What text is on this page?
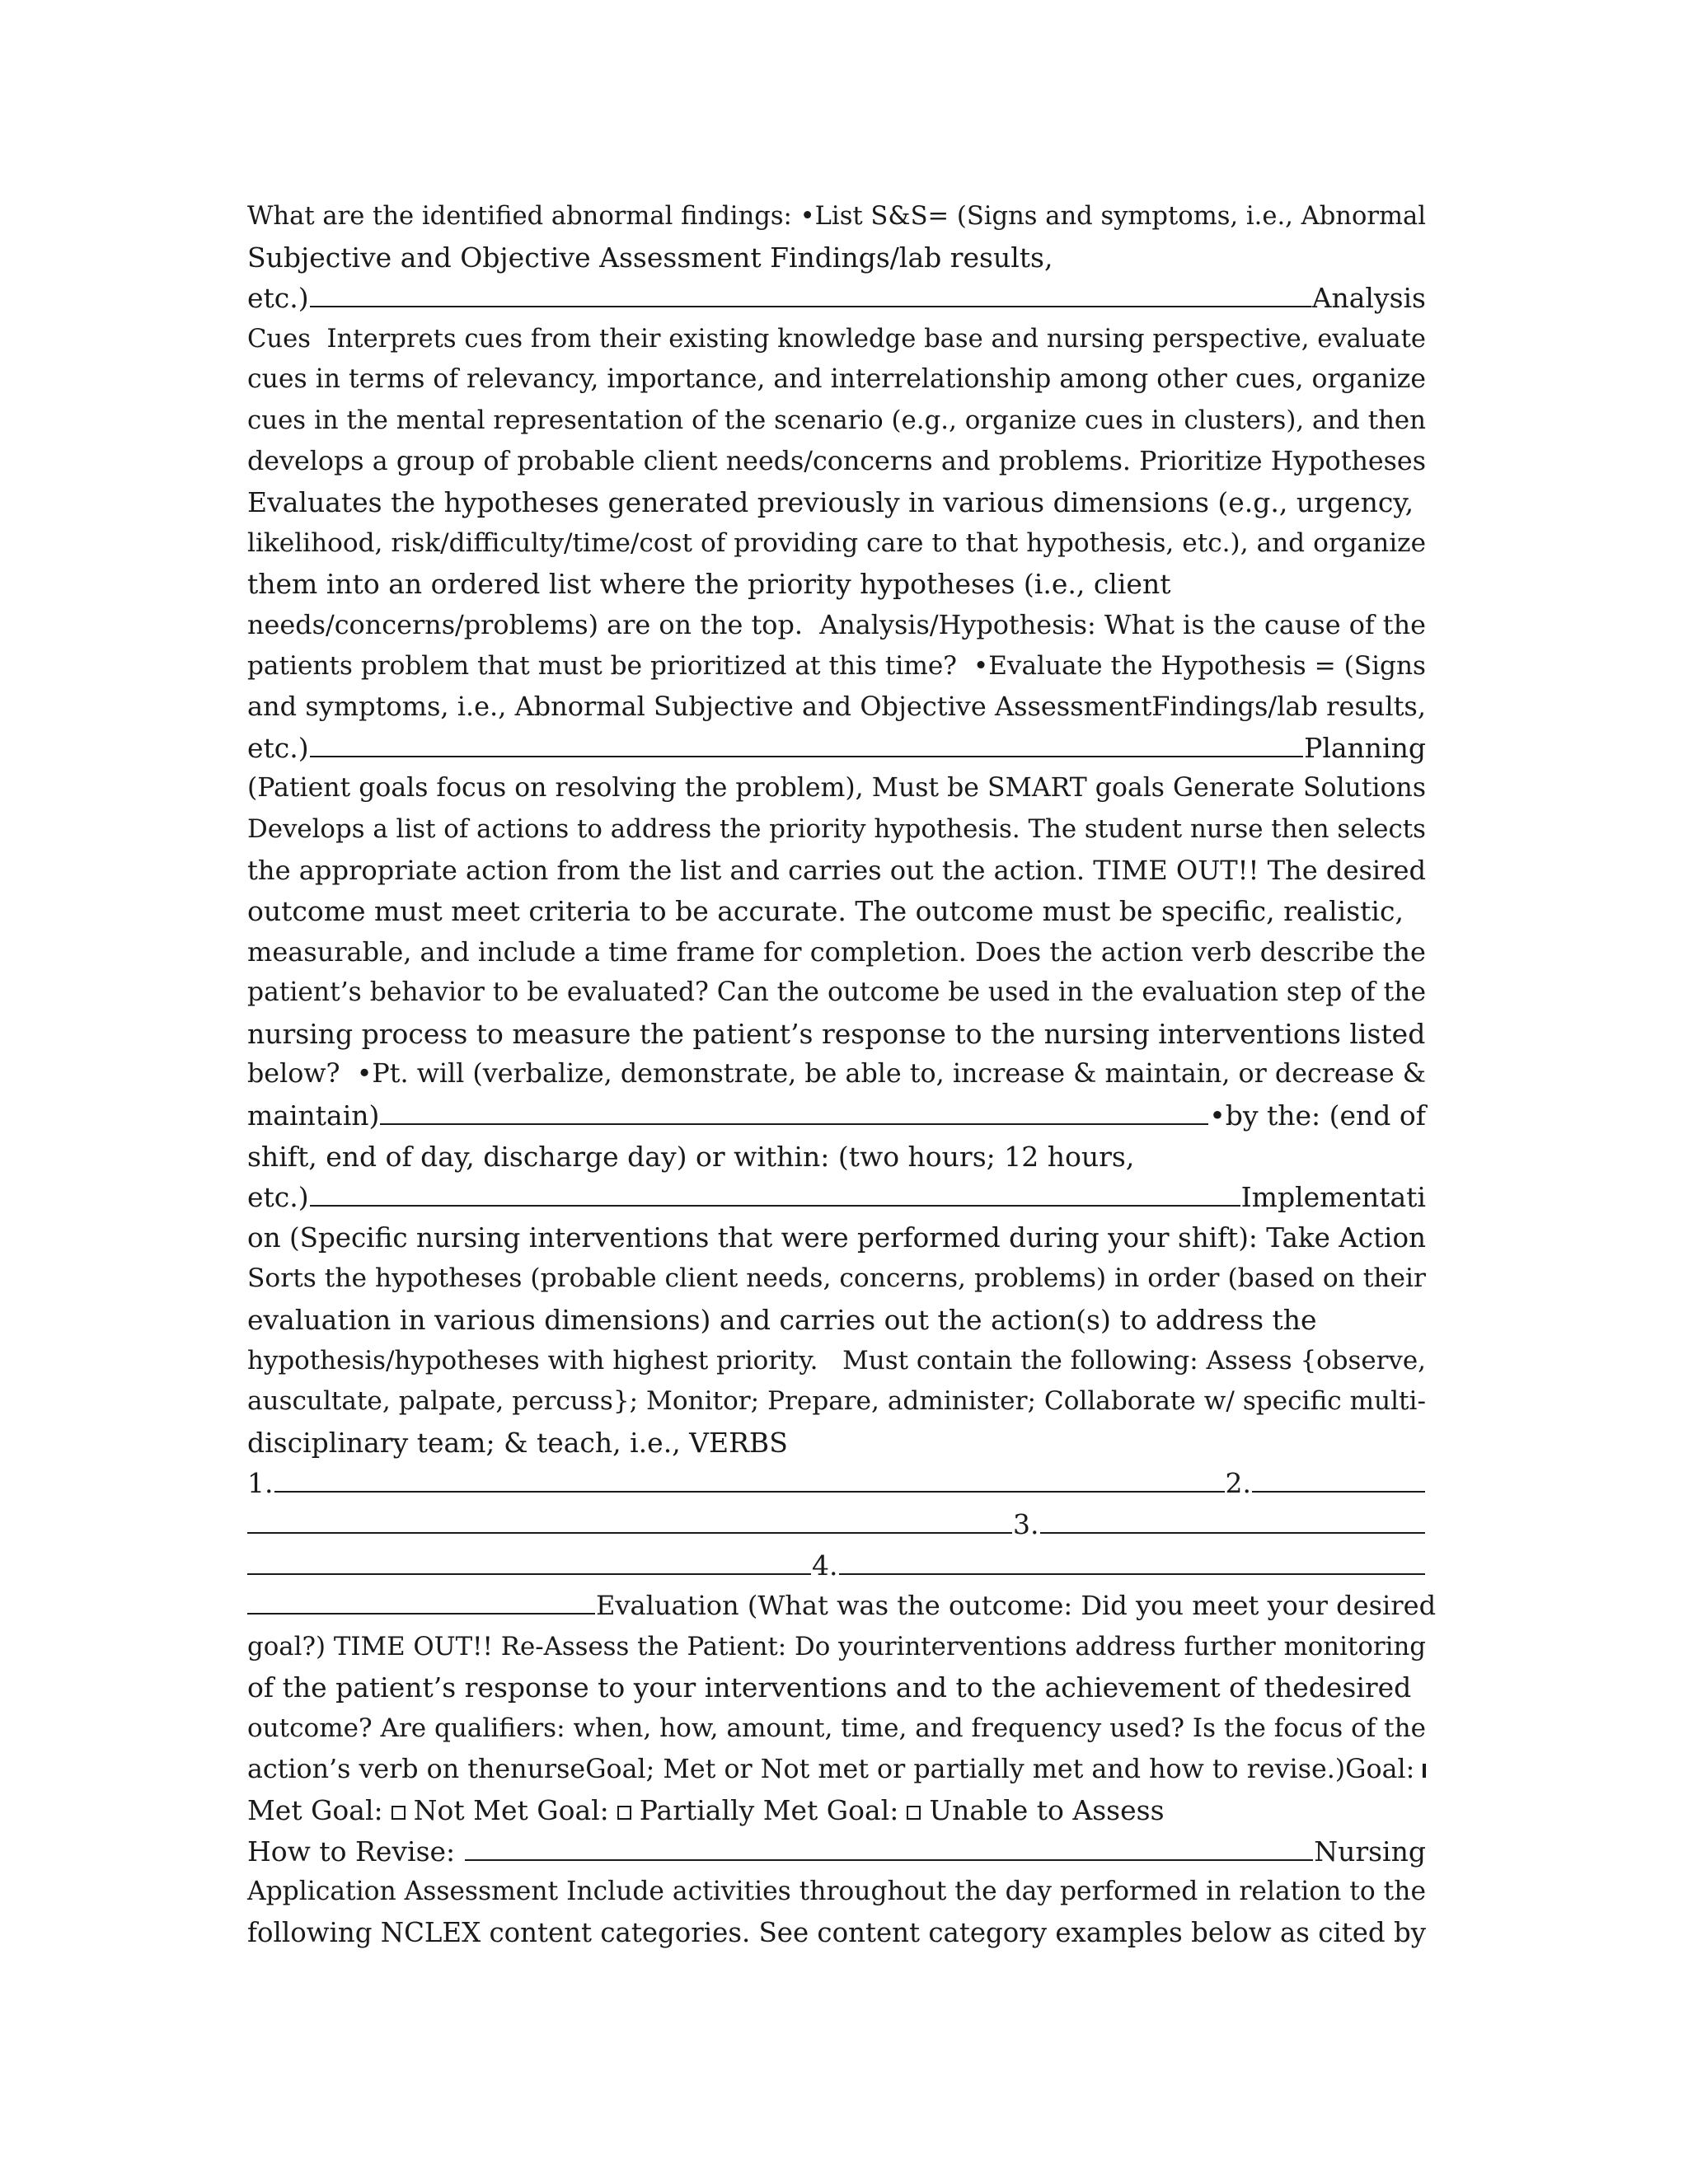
What are the identified abnormal findings: •List S&S= (Signs and symptoms, i.e., Abnormal
Subjective and Objective Assessment Findings/lab results,
etc.)	Analysis
Cues  Interprets cues from their existing knowledge base and nursing perspective, evaluate
cues in terms of relevancy, importance, and interrelationship among other cues, organize
cues in the mental representation of the scenario (e.g., organize cues in clusters), and then
develops a group of probable client needs/concerns and problems. Prioritize Hypotheses
Evaluates the hypotheses generated previously in various dimensions (e.g., urgency,
likelihood, risk/difficulty/time/cost of providing care to that hypothesis, etc.), and organize
them into an ordered list where the priority hypotheses (i.e., client
needs/concerns/problems) are on the top.  Analysis/Hypothesis: What is the cause of the
patients problem that must be prioritized at this time?  •Evaluate the Hypothesis = (Signs
and symptoms, i.e., Abnormal Subjective and Objective AssessmentFindings/lab results,
etc.)	Planning
(Patient goals focus on resolving the problem), Must be SMART goals Generate Solutions
Develops a list of actions to address the priority hypothesis. The student nurse then selects
the appropriate action from the list and carries out the action. TIME OUT!! The desired
outcome must meet criteria to be accurate. The outcome must be specific, realistic,
measurable, and include a time frame for completion. Does the action verb describe the
patient’s behavior to be evaluated? Can the outcome be used in the evaluation step of the
nursing process to measure the patient’s response to the nursing interventions listed
below?  •Pt. will (verbalize, demonstrate, be able to, increase & maintain, or decrease &
maintain)	•by the: (end of
shift, end of day, discharge day) or within: (two hours; 12 hours,
etc.)	Implementati
on (Specific nursing interventions that were performed during your shift): Take Action
Sorts the hypotheses (probable client needs, concerns, problems) in order (based on their
evaluation in various dimensions) and carries out the action(s) to address the
hypothesis/hypotheses with highest priority.   Must contain the following: Assess {observe,
auscultate, palpate, percuss}; Monitor; Prepare, administer; Collaborate w/ specific multi-
disciplinary team; & teach, i.e., VERBS
1.	2.
3.
4.
Evaluation (What was the outcome: Did you meet your desired
goal?) TIME OUT!! Re-Assess the Patient: Do yourinterventions address further monitoring
of the patient’s response to your interventions and to the achievement of thedesired
outcome? Are qualifiers: when, how, amount, time, and frequency used? Is the focus of the
action’s verb on thenurseGoal; Met or Not met or partially met and how to revise.)Goal:
Met Goal: Not Met Goal: Partially Met Goal: Unable to Assess
How to Revise:	Nursing
Application Assessment Include activities throughout the day performed in relation to the
following NCLEX content categories. See content category examples below as cited by
